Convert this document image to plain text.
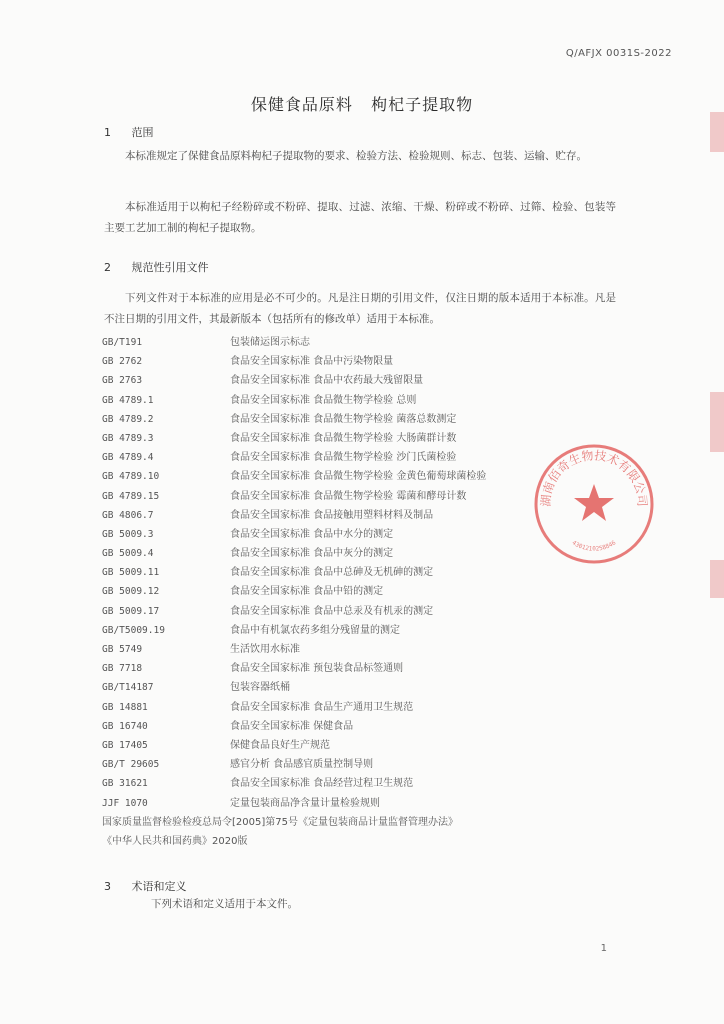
Q/AFJX 0031S-2022
保健食品原料   枸杞子提取物
1 范围

本标准规定了保健食品原料枸杞子提取物的要求、检验方法、检验规则、标志、包装、运输、贮存。

本标准适用于以枸杞子经粉碎或不粉碎、提取、过滤、浓缩、干燥、粉碎或不粉碎、过筛、检验、包装等主要工艺加工制的枸杞子提取物。

2 规范性引用文件

下列文件对于本标准的应用是必不可少的。凡是注日期的引用文件，仅注日期的版本适用于本标准。凡是不注日期的引用文件，其最新版本（包括所有的修改单）适用于本标准。

GB/T191	包装储运图示标志
GB 2762	食品安全国家标准 食品中污染物限量
GB 2763	食品安全国家标准 食品中农药最大残留限量
GB 4789.1	食品安全国家标准 食品微生物学检验 总则
GB 4789.2	食品安全国家标准 食品微生物学检验 菌落总数测定
GB 4789.3	食品安全国家标准 食品微生物学检验 大肠菌群计数
GB 4789.4	食品安全国家标准 食品微生物学检验 沙门氏菌检验
GB 4789.10	食品安全国家标准 食品微生物学检验 金黄色葡萄球菌检验
GB 4789.15	食品安全国家标准 食品微生物学检验 霉菌和酵母计数
GB 4806.7	食品安全国家标准 食品接触用塑料材料及制品
GB 5009.3	食品安全国家标准 食品中水分的测定
GB 5009.4	食品安全国家标准 食品中灰分的测定
GB 5009.11	食品安全国家标准 食品中总砷及无机砷的测定
GB 5009.12	食品安全国家标准 食品中铅的测定
GB 5009.17	食品安全国家标准 食品中总汞及有机汞的测定
GB/T5009.19	食品中有机氯农药多组分残留量的测定
GB 5749	生活饮用水标准
GB 7718	食品安全国家标准 预包装食品标签通则
GB/T14187	包装容器纸桶
GB 14881	食品安全国家标准 食品生产通用卫生规范
GB 16740	食品安全国家标准 保健食品
GB 17405	保健食品良好生产规范
GB/T 29605	感官分析 食品感官质量控制导则
GB 31621	食品安全国家标准 食品经营过程卫生规范
JJF 1070	定量包装商品净含量计量检验规则
国家质量监督检验检疫总局令[2005]第75号《定量包装商品计量监督管理办法》
《中华人民共和国药典》2020版
3 术语和定义

下列术语和定义适用于本文件。

1
湖南佰奇生物技术有限公司
4301210258846
